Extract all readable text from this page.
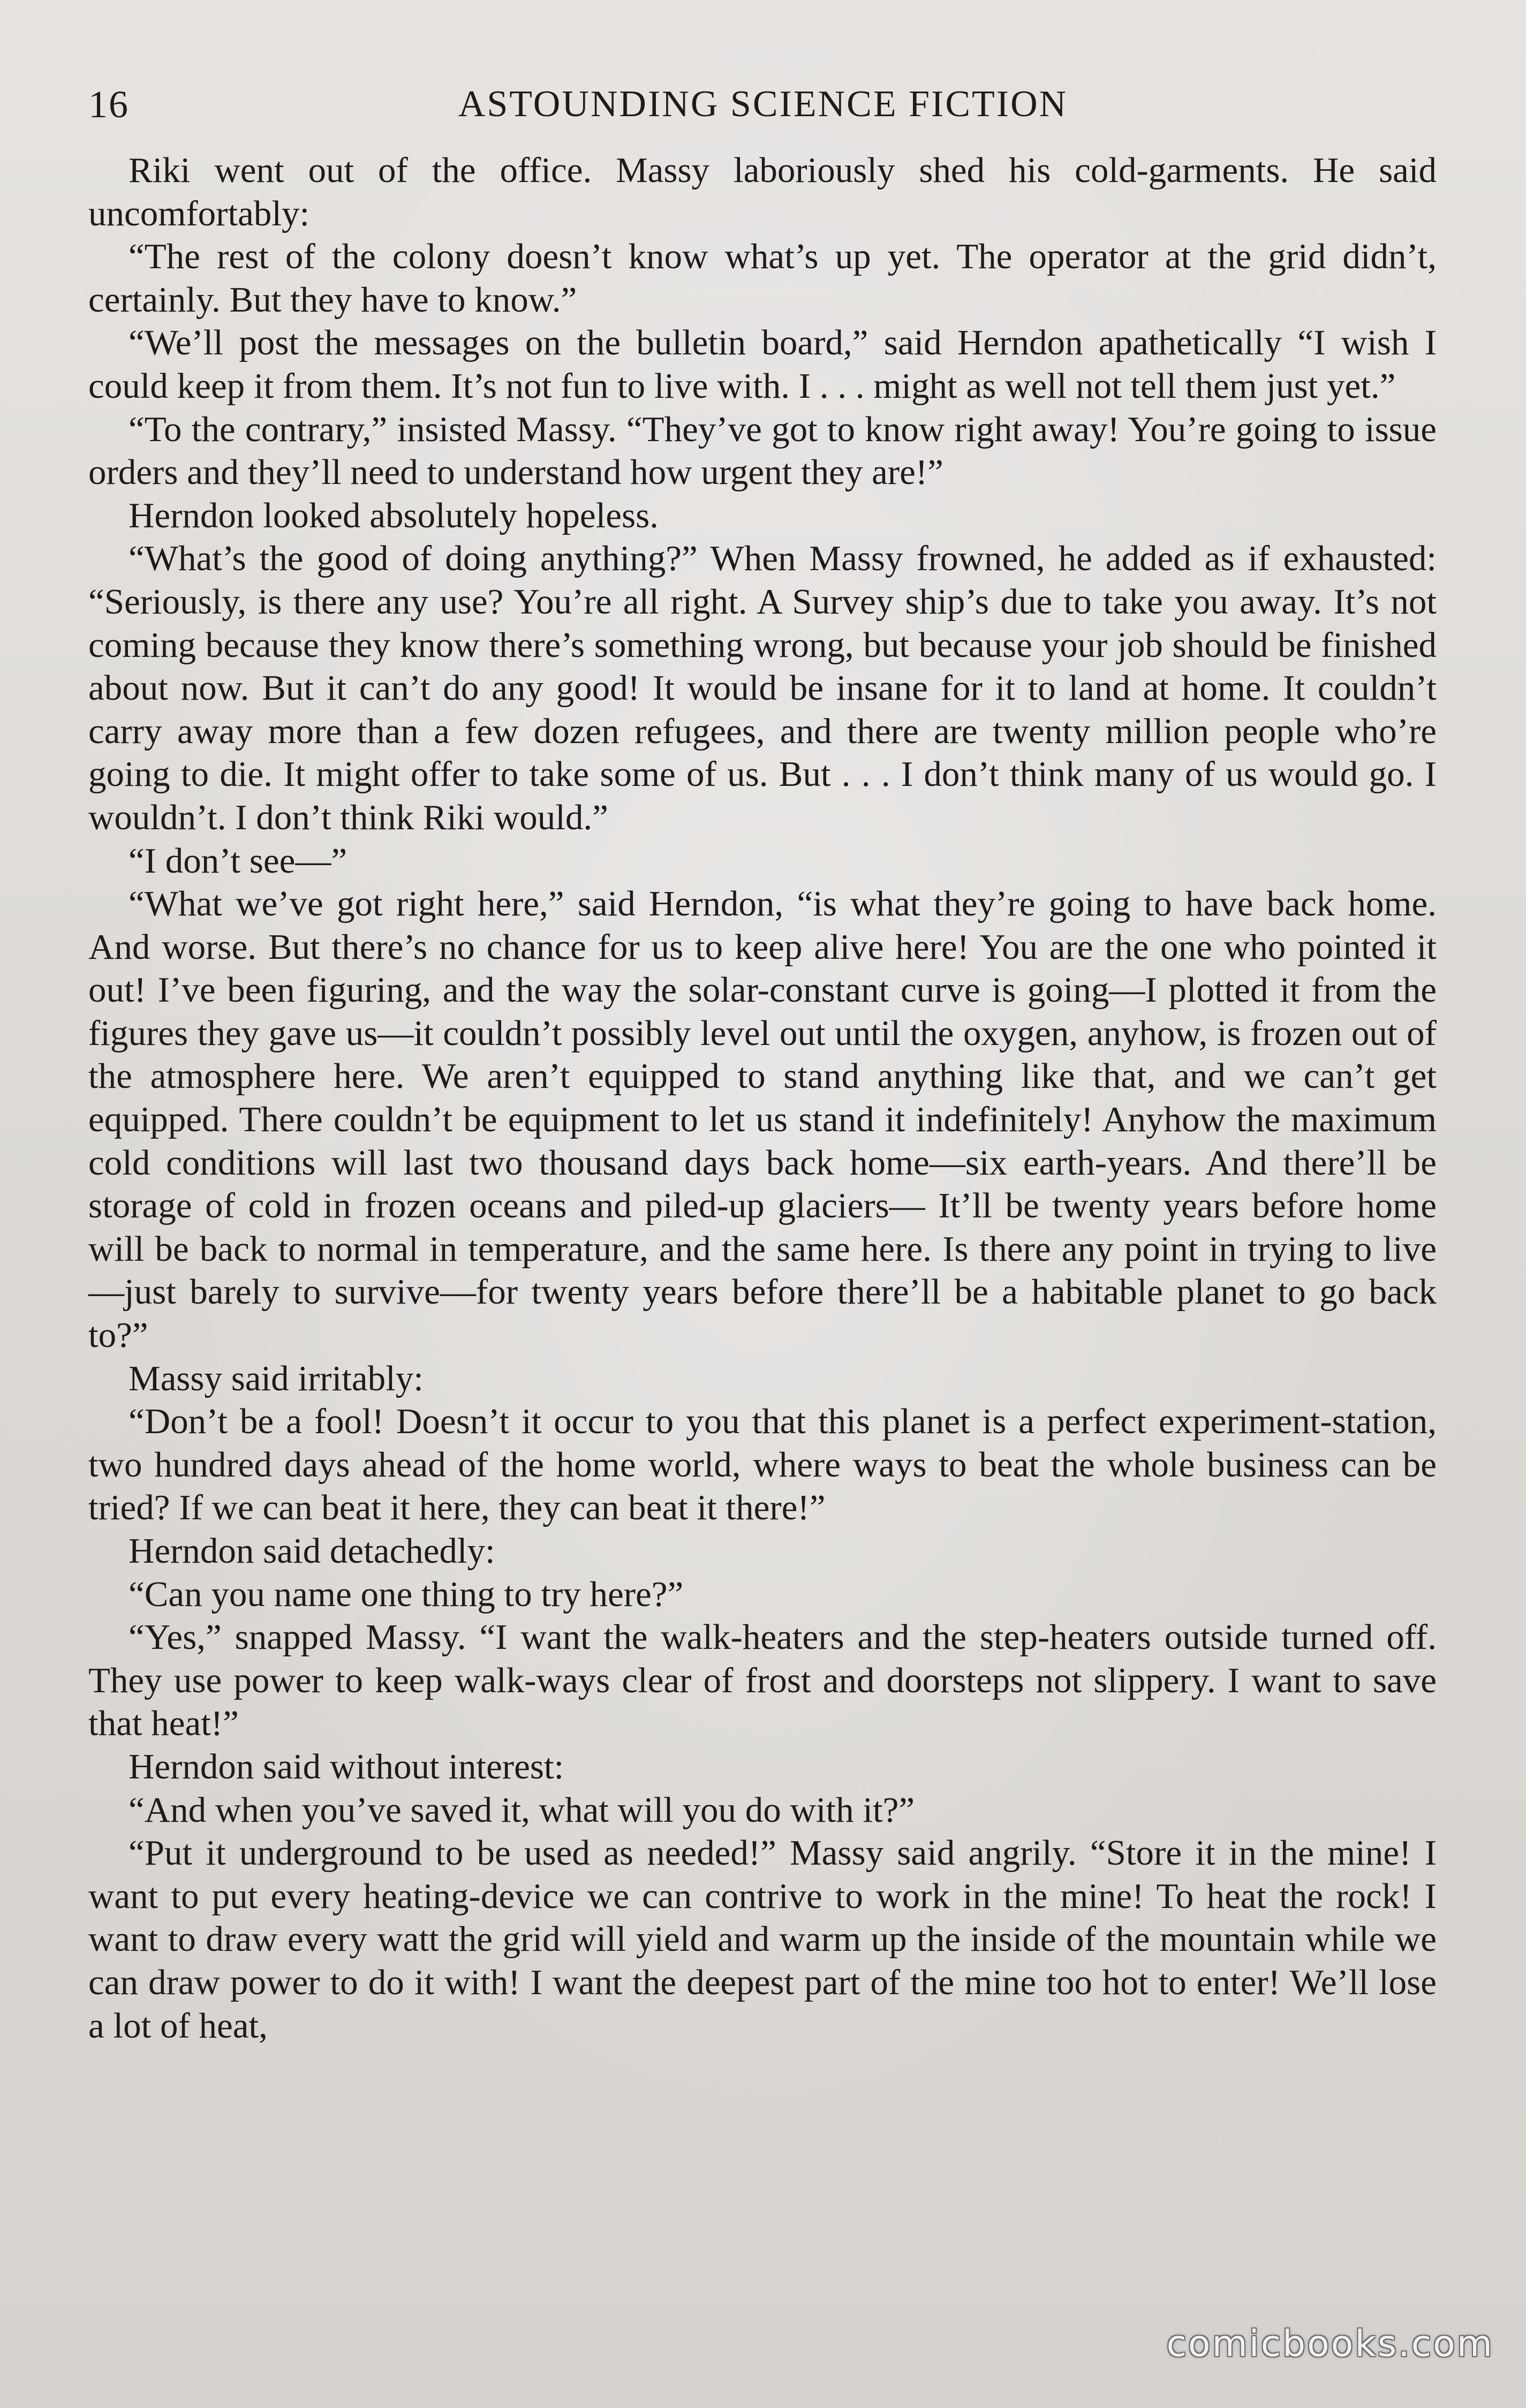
16	ASTOUNDING SCIENCE FICTION

Riki went out of the office. Massy laboriously shed his cold-garments. He said uncomfortably:

“The rest of the colony doesn’t know what’s up yet. The operator at the grid didn’t, certainly. But they have to know.”

“We’ll post the messages on the bulletin board,” said Herndon apathetically “I wish I could keep it from them. It’s not fun to live with. I . . . might as well not tell them just yet.”

“To the contrary,” insisted Massy. “They’ve got to know right away! You’re going to issue orders and they’ll need to understand how urgent they are!”

Herndon looked absolutely hopeless.

“What’s the good of doing anything?” When Massy frowned, he added as if exhausted: “Seriously, is there any use? You’re all right. A Survey ship’s due to take you away. It’s not coming because they know there’s something wrong, but because your job should be finished about now. But it can’t do any good! It would be insane for it to land at home. It couldn’t carry away more than a few dozen refugees, and there are twenty million people who’re going to die. It might offer to take some of us. But . . . I don’t think many of us would go. I wouldn’t. I don’t think Riki would.”

“I don’t see—”

“What we’ve got right here,” said Herndon, “is what they’re going to have back home. And worse. But there’s no chance for us to keep alive here! You are the one who pointed it out! I’ve been figuring, and the way the solar-constant curve is going—I plotted it from the figures they gave us—it couldn’t possibly level out until the oxygen, anyhow, is frozen out of the atmosphere here. We aren’t equipped to stand anything like that, and we can’t get equipped. There couldn’t be equipment to let us stand it indefinitely! Anyhow the maximum cold conditions will last two thousand days back home—six earth-years. And there’ll be storage of cold in frozen oceans and piled-up glaciers— It’ll be twenty years before home will be back to normal in temperature, and the same here. Is there any point in trying to live—just barely to survive—for twenty years before there’ll be a habitable planet to go back to?”

Massy said irritably:

“Don’t be a fool! Doesn’t it occur to you that this planet is a perfect experiment-station, two hundred days ahead of the home world, where ways to beat the whole business can be tried? If we can beat it here, they can beat it there!”

Herndon said detachedly:

“Can you name one thing to try here?”

“Yes,” snapped Massy. “I want the walk-heaters and the step-heaters outside turned off. They use power to keep walk-ways clear of frost and doorsteps not slippery. I want to save that heat!”

Herndon said without interest:

“And when you’ve saved it, what will you do with it?”

“Put it underground to be used as needed!” Massy said angrily. “Store it in the mine! I want to put every heating-device we can contrive to work in the mine! To heat the rock! I want to draw every watt the grid will yield and warm up the inside of the mountain while we can draw power to do it with! I want the deepest part of the mine too hot to enter! We’ll lose a lot of heat,

comicbooks.com
